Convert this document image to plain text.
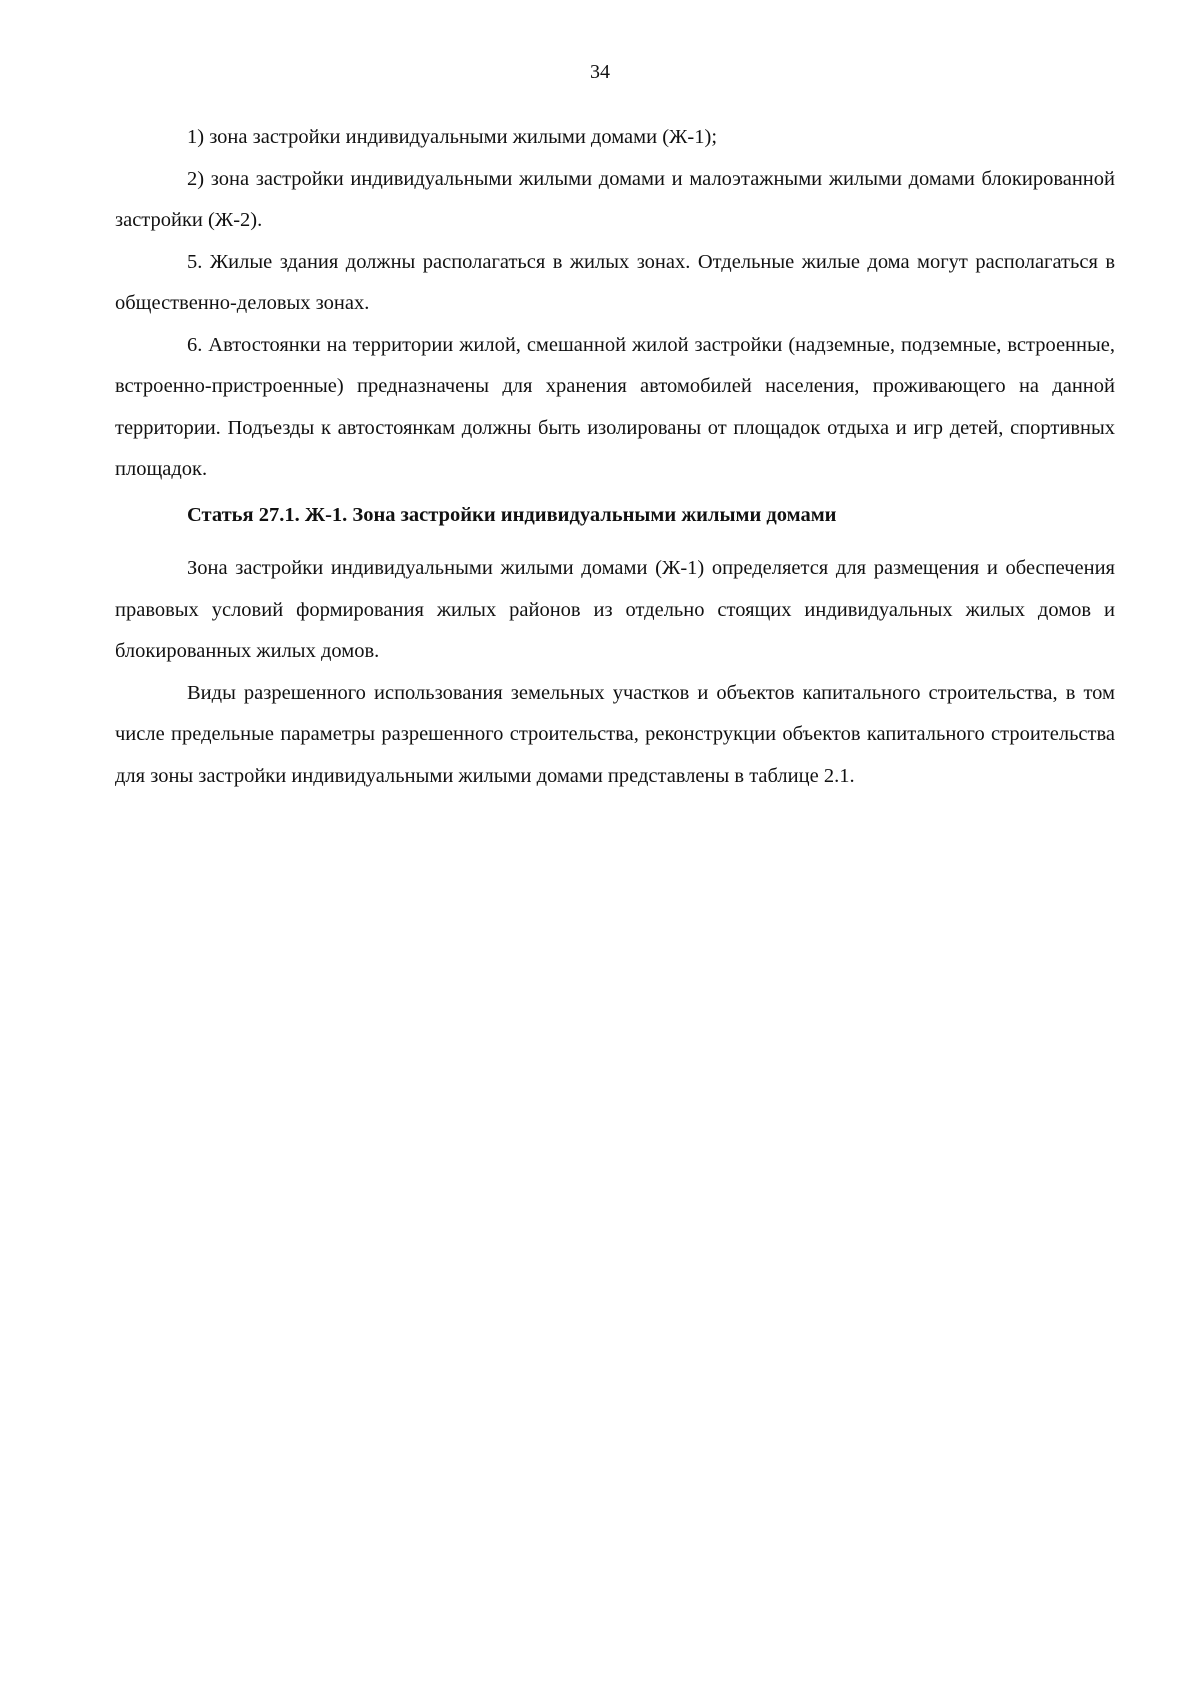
34

1) зона застройки индивидуальными жилыми домами (Ж-1);

2) зона застройки индивидуальными жилыми домами и малоэтажными жилыми домами блокированной застройки (Ж-2).

5. Жилые здания должны располагаться в жилых зонах. Отдельные жилые дома могут располагаться в общественно-деловых зонах.

6. Автостоянки на территории жилой, смешанной жилой застройки (надземные, подземные, встроенные, встроенно-пристроенные) предназначены для хранения автомобилей населения, проживающего на данной территории. Подъезды к автостоянкам должны быть изолированы от площадок отдыха и игр детей, спортивных площадок.

Статья 27.1. Ж-1. Зона застройки индивидуальными жилыми домами

Зона застройки индивидуальными жилыми домами (Ж-1) определяется для размещения и обеспечения правовых условий формирования жилых районов из отдельно стоящих индивидуальных жилых домов и блокированных жилых домов.

Виды разрешенного использования земельных участков и объектов капитального строительства, в том числе предельные параметры разрешенного строительства, реконструкции объектов капитального строительства для зоны застройки индивидуальными жилыми домами представлены в таблице 2.1.
